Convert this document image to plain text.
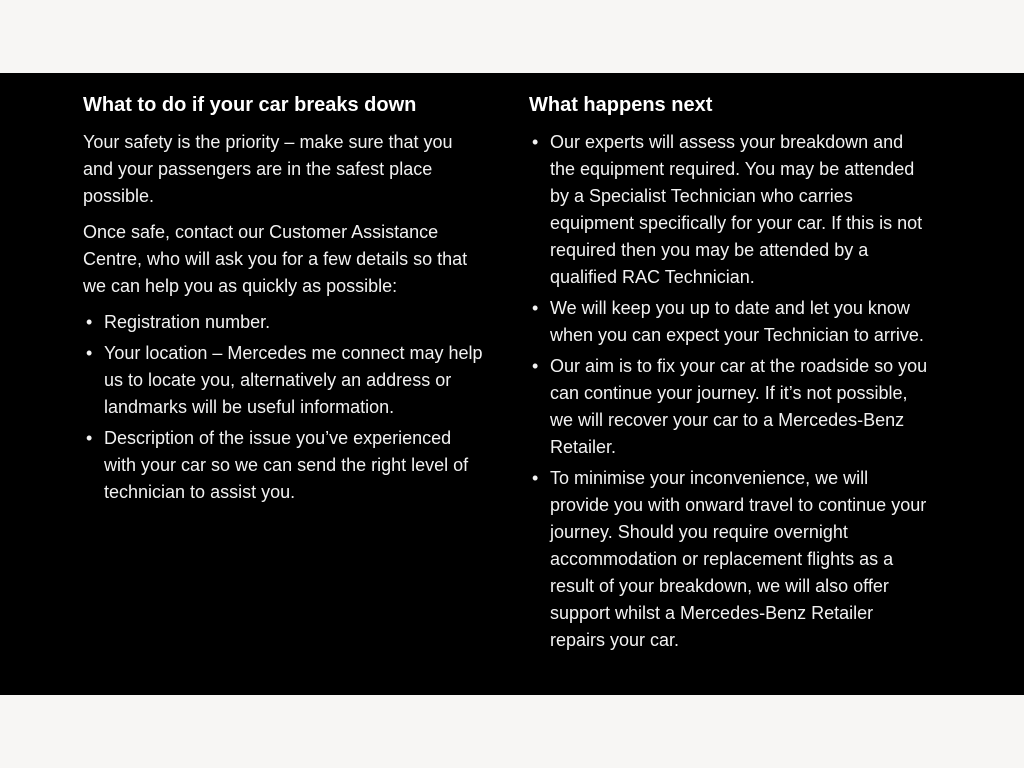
What to do if your car breaks down

Your safety is the priority – make sure that you and your passengers are in the safest place possible.

Once safe, contact our Customer Assistance Centre, who will ask you for a few details so that we can help you as quickly as possible:

• Registration number.
• Your location – Mercedes me connect may help us to locate you, alternatively an address or landmarks will be useful information.
• Description of the issue you’ve experienced with your car so we can send the right level of technician to assist you.
What happens next
• Our experts will assess your breakdown and the equipment required. You may be attended by a Specialist Technician who carries equipment specifically for your car. If this is not required then you may be attended by a qualified RAC Technician.
• We will keep you up to date and let you know when you can expect your Technician to arrive.
• Our aim is to fix your car at the roadside so you can continue your journey. If it’s not possible, we will recover your car to a Mercedes-Benz Retailer.
• To minimise your inconvenience, we will provide you with onward travel to continue your journey. Should you require overnight accommodation or replacement flights as a result of your breakdown, we will also offer support whilst a Mercedes-Benz Retailer repairs your car.
